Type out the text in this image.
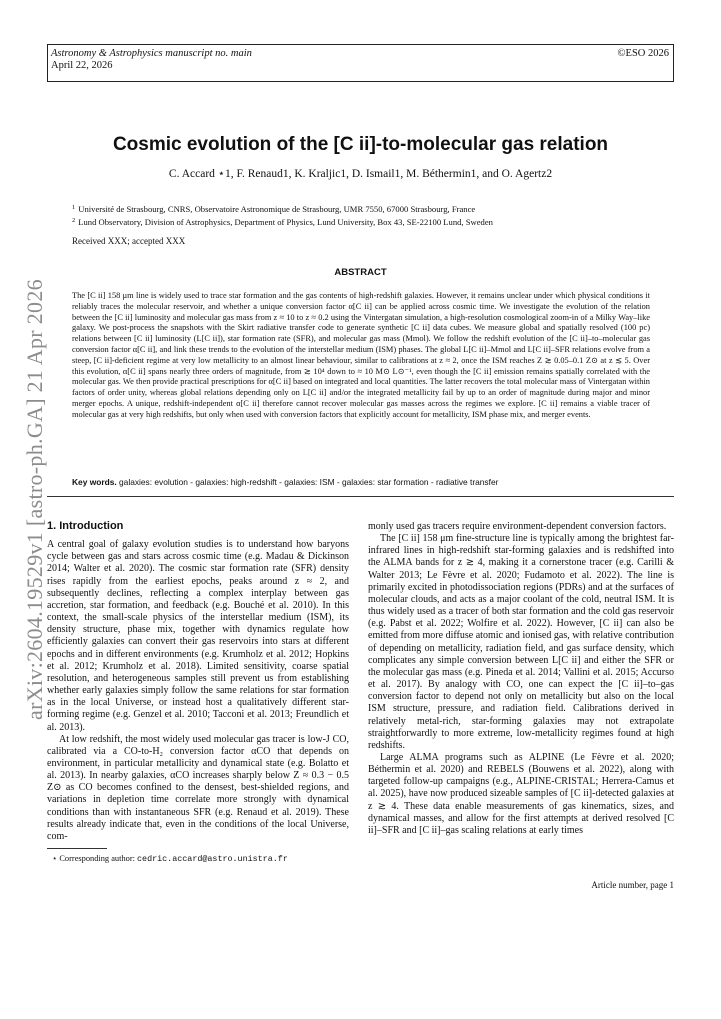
Astronomy & Astrophysics manuscript no. main
April 22, 2026
©ESO 2026
arXiv:2604.19529v1 [astro-ph.GA] 21 Apr 2026
Cosmic evolution of the [C ii]-to-molecular gas relation
C. Accard ⋆1, F. Renaud1, K. Kraljic1, D. Ismail1, M. Béthermin1, and O. Agertz2
$^1$ Université de Strasbourg, CNRS, Observatoire Astronomique de Strasbourg, UMR 7550, 67000 Strasbourg, France
$^2$ Lund Observatory, Division of Astrophysics, Department of Physics, Lund University, Box 43, SE-22100 Lund, Sweden
Received XXX; accepted XXX
ABSTRACT
The [C ii] 158 μm line is widely used to trace star formation and the gas contents of high-redshift galaxies. However, it remains unclear under which physical conditions it reliably traces the molecular reservoir, and whether a unique conversion factor α[C ii] can be applied across cosmic time. We investigate the evolution of the relation between the [C ii] luminosity and molecular gas mass from z ≈ 10 to z ≈ 0.2 using the Vintergatan simulation, a high-resolution cosmological zoom-in of a Milky Way–like galaxy. We post-process the snapshots with the Skirt radiative transfer code to generate synthetic [C ii] data cubes. We measure global and spatially resolved (100 pc) relations between [C ii] luminosity (L[C ii]), star formation rate (SFR), and molecular gas mass (Mmol). We follow the redshift evolution of the [C ii]–to–molecular gas conversion factor α[C ii], and link these trends to the evolution of the interstellar medium (ISM) phases. The global L[C ii]–Mmol and L[C ii]–SFR relations evolve from a steep, [C ii]-deficient regime at very low metallicity to an almost linear behaviour, similar to calibrations at z ≈ 2, once the ISM reaches Z ≳ 0.05–0.1 Z⊙ at z ≲ 5. Over this evolution, α[C ii] spans nearly three orders of magnitude, from ≳ 10⁴ down to ≈ 10 M⊙ L⊙⁻¹, even though the [C ii] emission remains spatially correlated with the molecular gas. We then provide practical prescriptions for α[C ii] based on integrated and local quantities. The latter recovers the total molecular mass of Vintergatan within factors of order unity, whereas global relations depending only on L[C ii] and/or the integrated metallicity fail by up to an order of magnitude during major and minor merger epochs. A unique, redshift-independent α[C ii] therefore cannot recover molecular gas masses across the regimes we explore. [C ii] remains a viable tracer of molecular gas at very high redshifts, but only when used with conversion factors that explicitly account for metallicity, ISM phase mix, and merger events.
Key words. galaxies: evolution - galaxies: high-redshift - galaxies: ISM - galaxies: star formation - radiative transfer
1. Introduction

A central goal of galaxy evolution studies is to understand how baryons cycle between gas and stars across cosmic time (e.g. Madau & Dickinson 2014; Walter et al. 2020). The cosmic star formation rate (SFR) density rises rapidly from the earliest epochs, peaks around z ≈ 2, and subsequently declines, reflecting a complex interplay between gas accretion, star formation, and feedback (e.g. Bouché et al. 2010). In this context, the small-scale physics of the interstellar medium (ISM), its density structure, phase mix, together with dynamics regulate how efficiently galaxies can convert their gas reservoirs into stars at different epochs and in different environments (e.g. Krumholz et al. 2012; Hopkins et al. 2012; Krumholz et al. 2018). Limited sensitivity, coarse spatial resolution, and heterogeneous samples still prevent us from establishing whether early galaxies simply follow the same relations for star formation as in the local Universe, or instead host a qualitatively different star-forming regime (e.g. Genzel et al. 2010; Tacconi et al. 2013; Freundlich et al. 2013).

At low redshift, the most widely used molecular gas tracer is low-J CO, calibrated via a CO-to-H₂ conversion factor αCO that depends on environment, in particular metallicity and dynamical state (e.g. Bolatto et al. 2013). In nearby galaxies, αCO increases sharply below Z ≈ 0.3 − 0.5 Z⊙ as CO becomes confined to the densest, best-shielded regions, and variations in depletion time correlate more strongly with dynamical conditions than with instantaneous SFR (e.g. Renaud et al. 2019). These results already indicate that, even in the conditions of the local Universe, com-

monly used gas tracers require environment-dependent conversion factors.

The [C ii] 158 μm fine-structure line is typically among the brightest far-infrared lines in high-redshift star-forming galaxies and is redshifted into the ALMA bands for z ≳ 4, making it a cornerstone tracer (e.g. Carilli & Walter 2013; Le Fèvre et al. 2020; Fudamoto et al. 2022). The line is primarily excited in photodissociation regions (PDRs) and at the surfaces of molecular clouds, and acts as a major coolant of the cold, neutral ISM. It is thus widely used as a tracer of both star formation and the cold gas reservoir (e.g. Pabst et al. 2022; Wolfire et al. 2022). However, [C ii] can also be emitted from more diffuse atomic and ionised gas, with relative contribution of depending on metallicity, radiation field, and gas surface density, which complicates any simple conversion between L[C ii] and either the SFR or the molecular gas mass (e.g. Pineda et al. 2014; Vallini et al. 2015; Accurso et al. 2017). By analogy with CO, one can expect the [C ii]–to–gas conversion factor to depend not only on metallicity but also on the local ISM structure, pressure, and radiation field. Calibrations derived in relatively metal-rich, star-forming galaxies may not extrapolate straightforwardly to more extreme, low-metallicity regimes found at high redshifts.

Large ALMA programs such as ALPINE (Le Fèvre et al. 2020; Béthermin et al. 2020) and REBELS (Bouwens et al. 2022), along with targeted follow-up campaigns (e.g., ALPINE-CRISTAL; Herrera-Camus et al. 2025), have now produced sizeable samples of [C ii]-detected galaxies at z ≳ 4. These data enable measurements of gas kinematics, sizes, and dynamical masses, and allow for the first attempts at derived resolved [C ii]–SFR and [C ii]–gas scaling relations at early times

⋆ Corresponding author: cedric.accard@astro.unistra.fr
Article number, page 1
